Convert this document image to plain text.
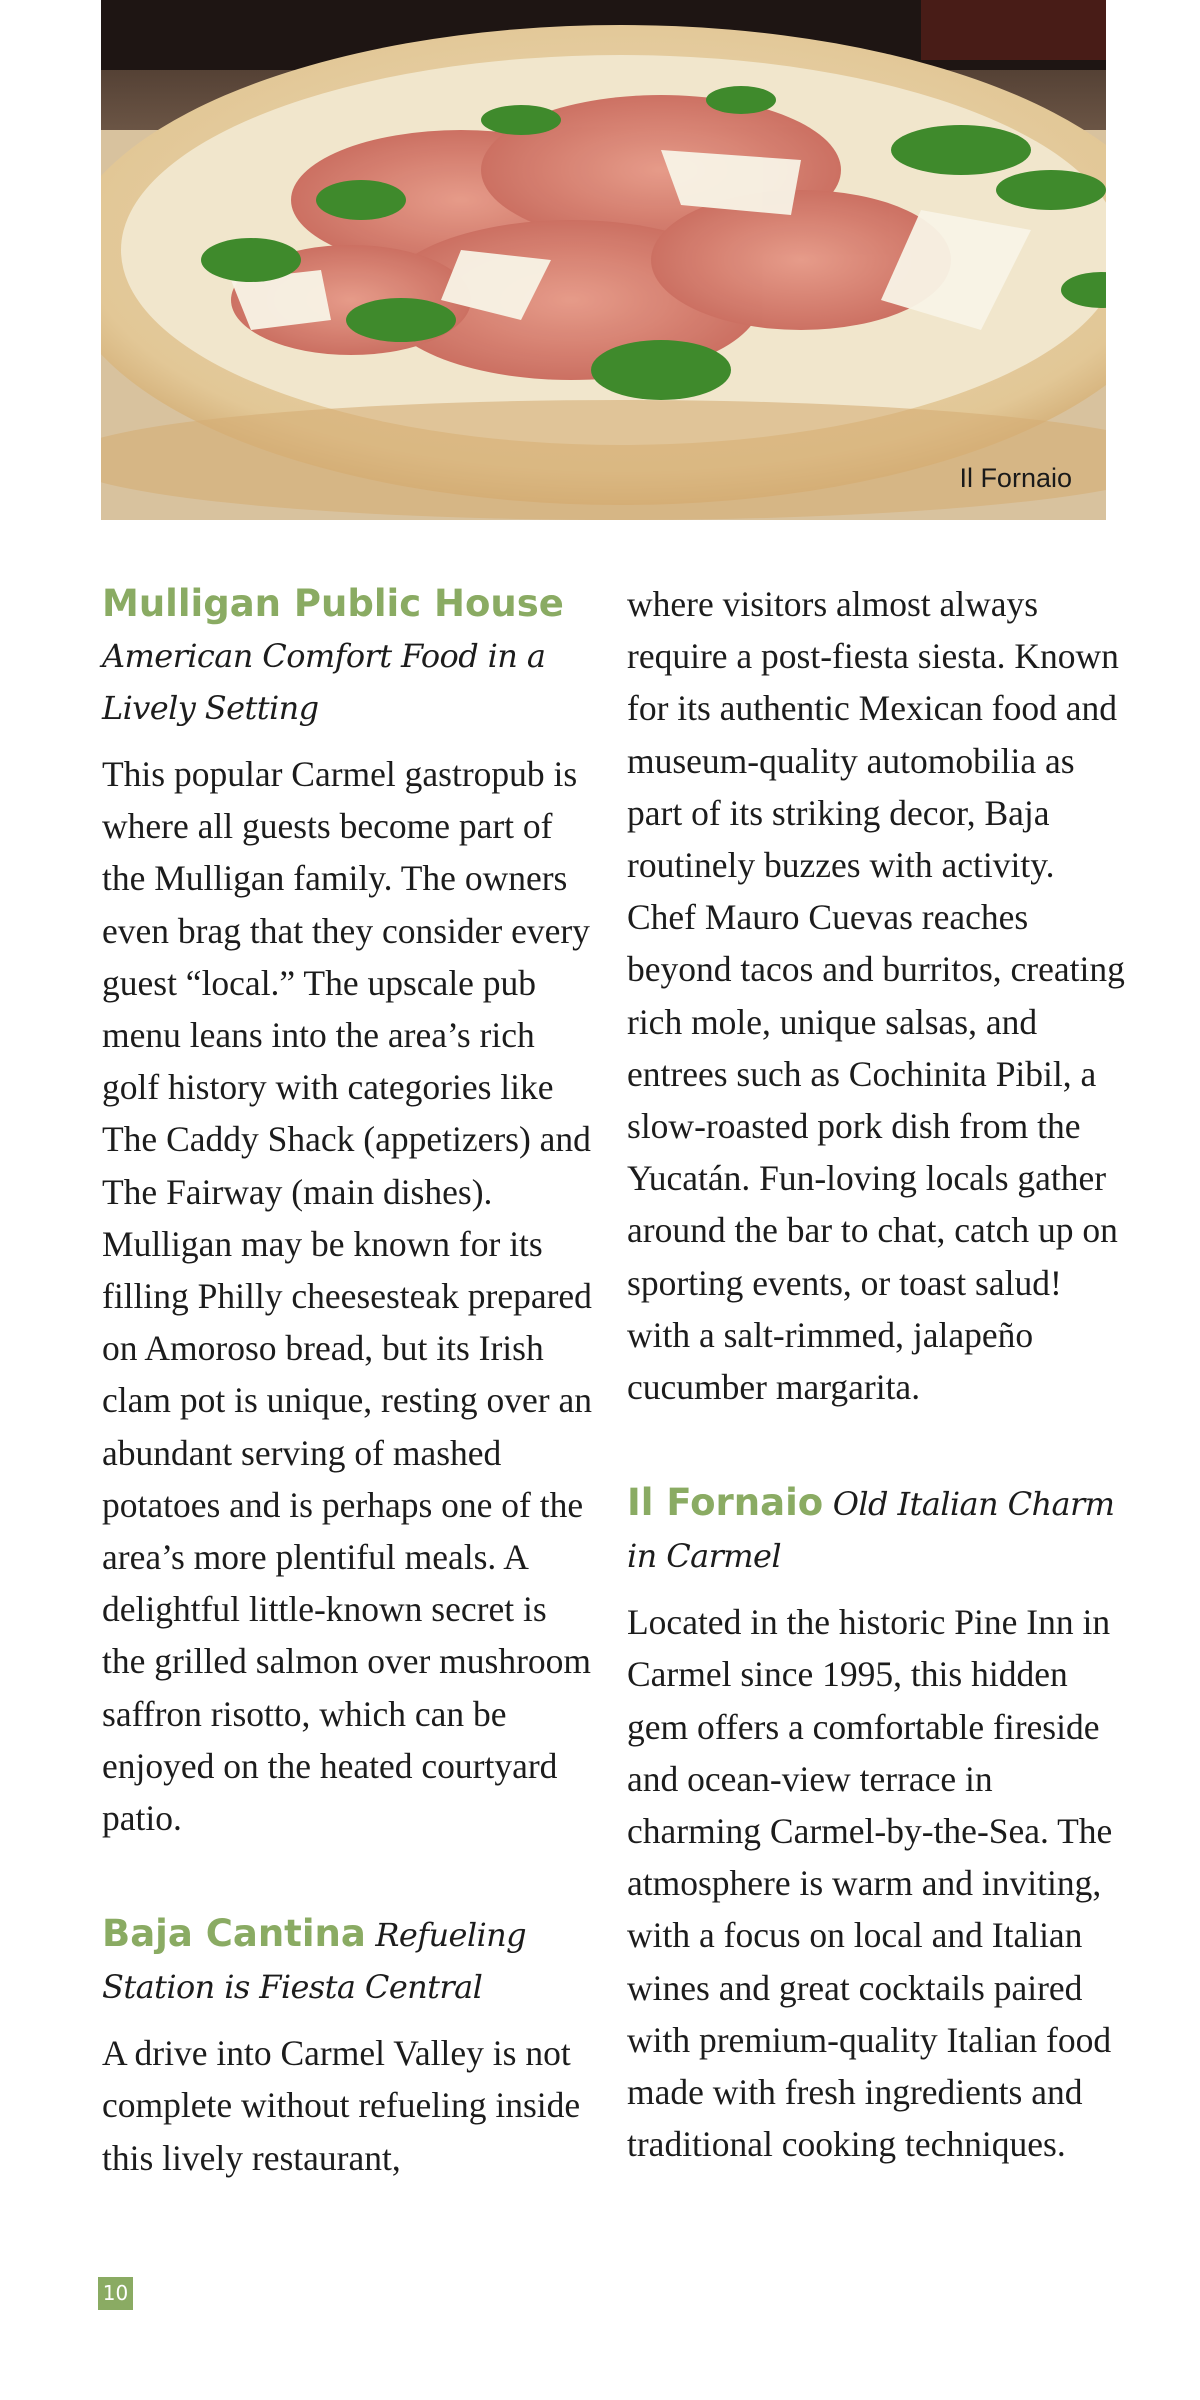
Il Fornaio

Mulligan Public House
American Comfort Food in a Lively Setting

This popular Carmel gastropub is where all guests become part of the Mulligan family. The owners even brag that they consider every guest “local.” The upscale pub menu leans into the area’s rich golf history with categories like The Caddy Shack (appetizers) and The Fairway (main dishes). Mulligan may be known for its filling Philly cheesesteak prepared on Amoroso bread, but its Irish clam pot is unique, resting over an abundant serving of mashed potatoes and is perhaps one of the area’s more plentiful meals. A delightful little-known secret is the grilled salmon over mushroom saffron risotto, which can be enjoyed on the heated courtyard patio.

Baja Cantina Refueling Station is Fiesta Central

A drive into Carmel Valley is not complete without refueling inside this lively restaurant,

where visitors almost always require a post-fiesta siesta. Known for its authentic Mexican food and museum-quality automobilia as part of its striking decor, Baja routinely buzzes with activity. Chef Mauro Cuevas reaches beyond tacos and burritos, creating rich mole, unique salsas, and entrees such as Cochinita Pibil, a slow-roasted pork dish from the Yucatán. Fun-loving locals gather around the bar to chat, catch up on sporting events, or toast salud! with a salt-rimmed, jalapeño cucumber margarita.

Il Fornaio Old Italian Charm in Carmel

Located in the historic Pine Inn in Carmel since 1995, this hidden gem offers a comfortable fireside and ocean-view terrace in charming Carmel-by-the-Sea. The atmosphere is warm and inviting, with a focus on local and Italian wines and great cocktails paired with premium-quality Italian food made with fresh ingredients and traditional cooking techniques.

10
